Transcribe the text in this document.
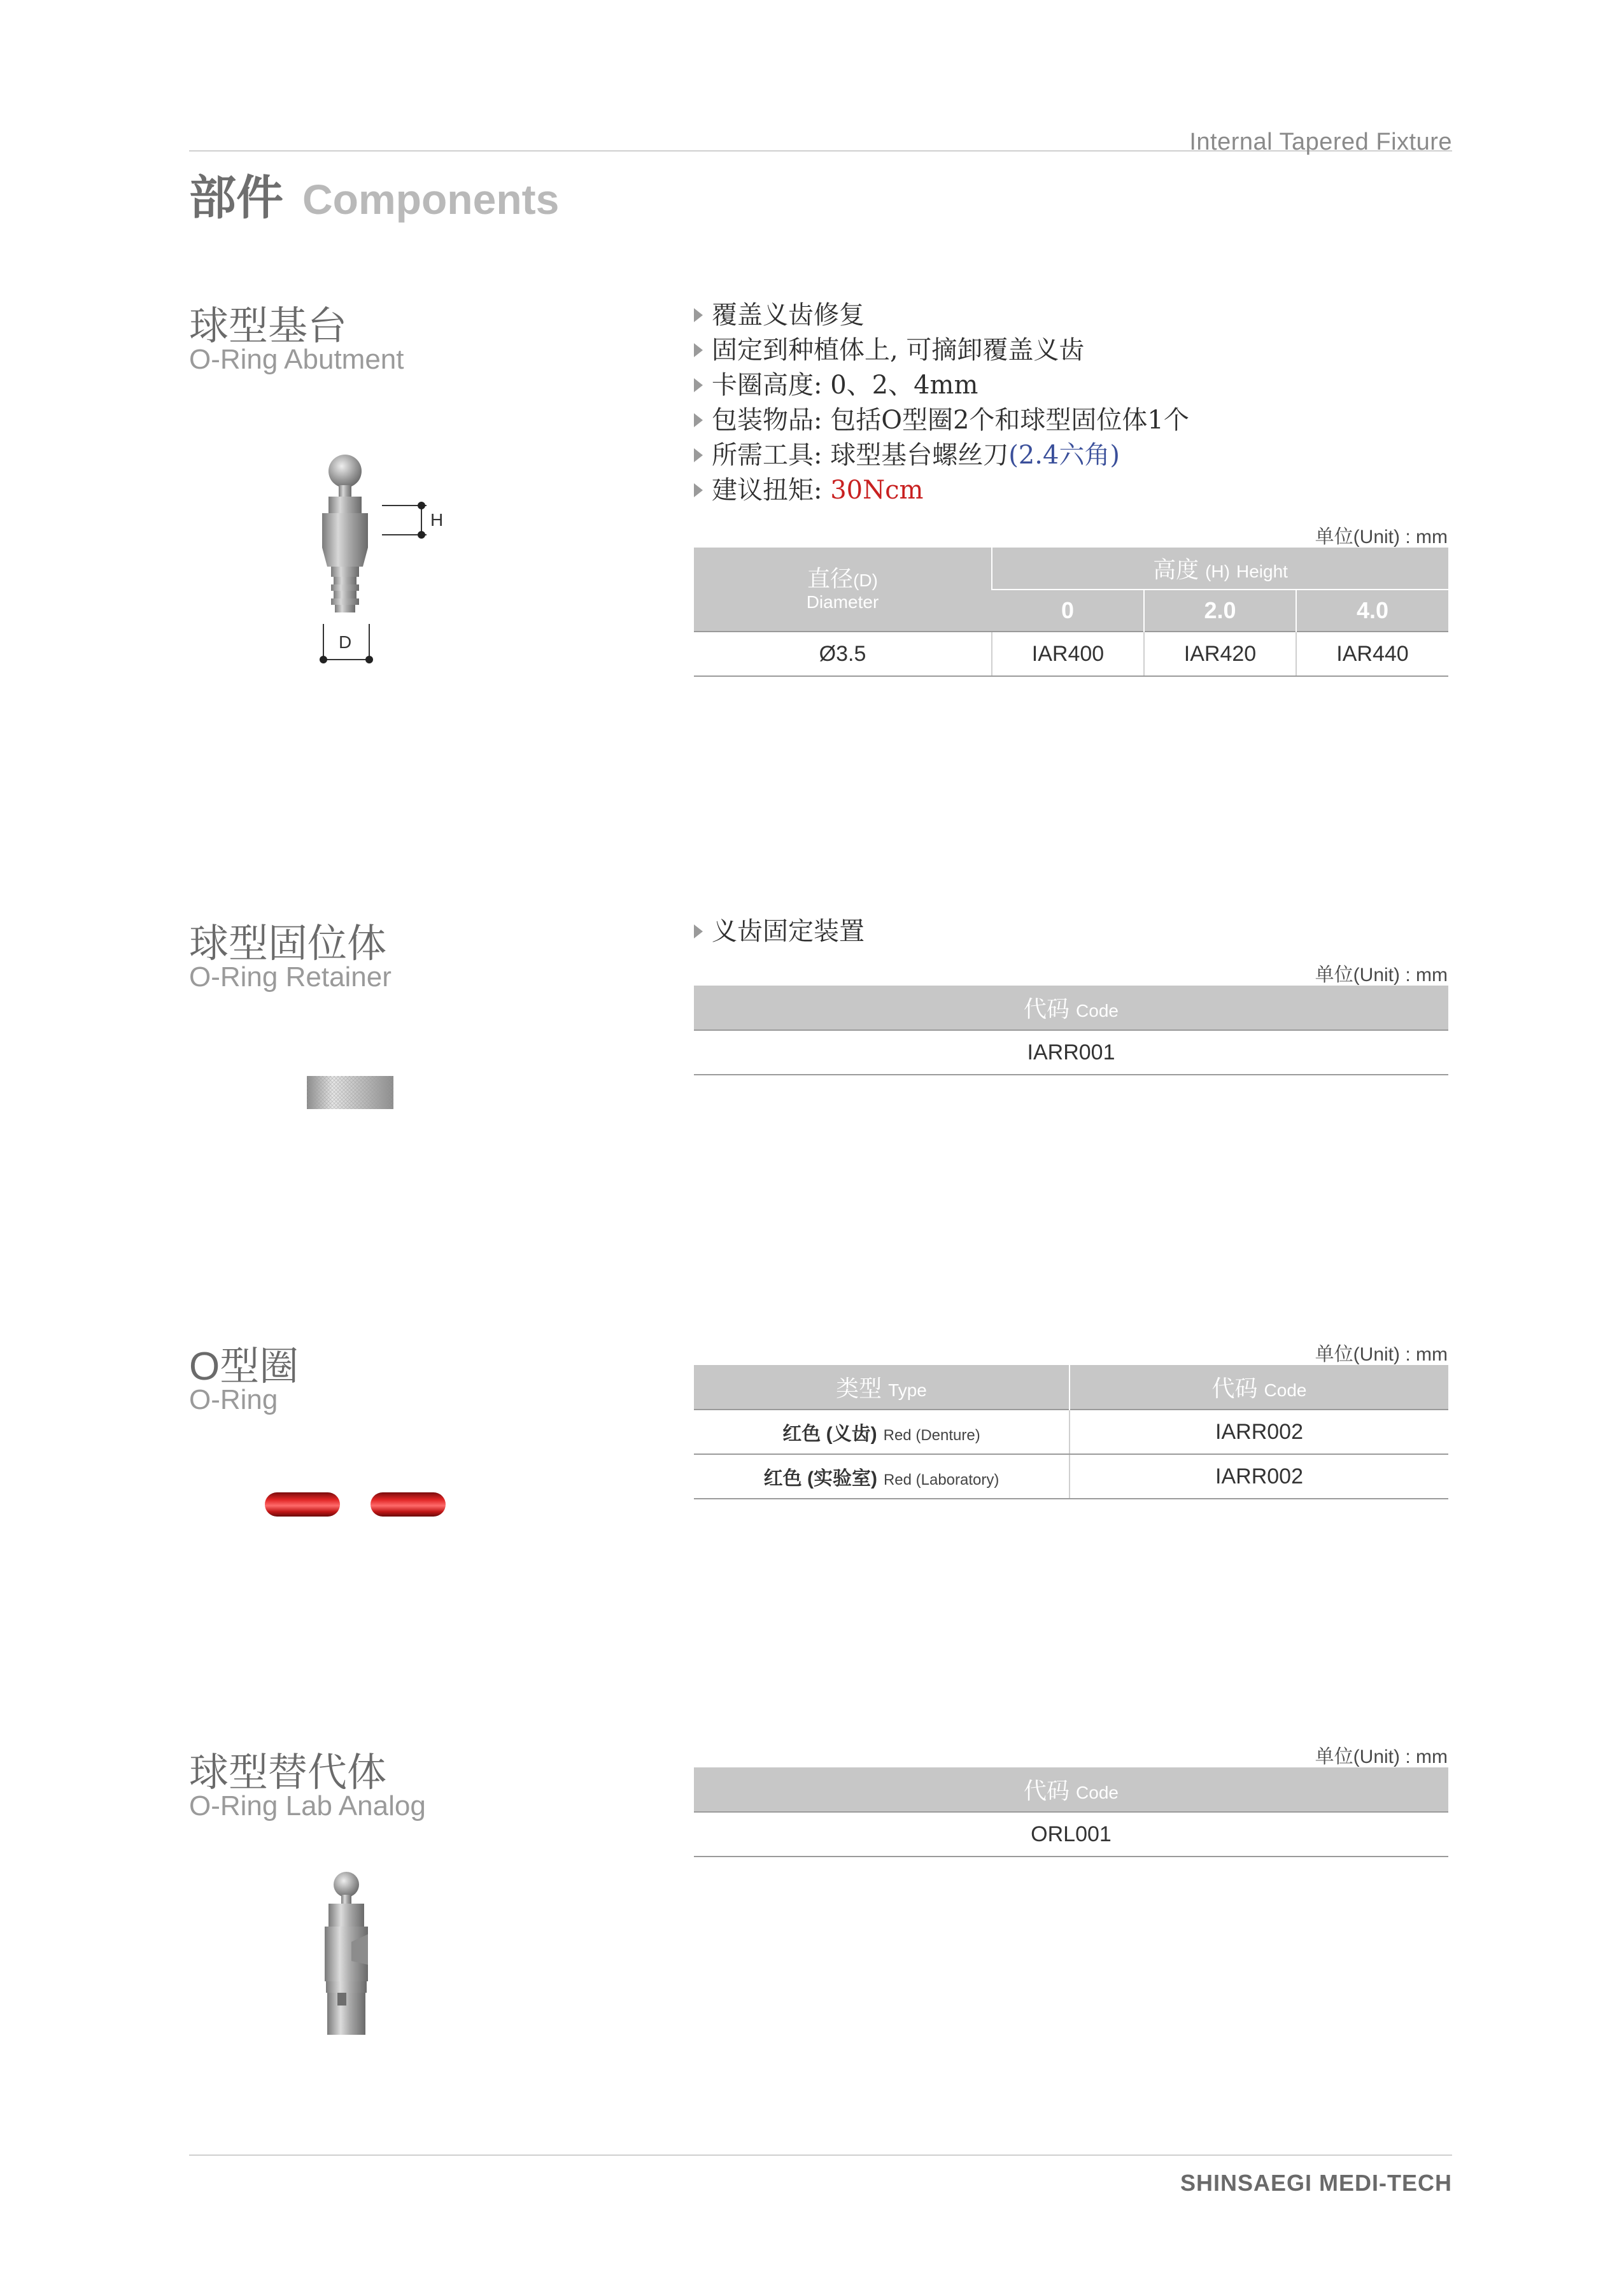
Internal Tapered Fixture
部件 Components
球型基台
O-Ring Abutment
H
D
覆盖义齿修复
固定到种植体上, 可摘卸覆盖义齿
卡圈高度: 0、2、4mm
包装物品: 包括O型圈2个和球型固位体1个
所需工具: 球型基台螺丝刀(2.4六角)
建议扭矩: 30Ncm
单位(Unit) : mm
直径(D)
Diameter	高度 (H) Height		
	0	2.0	4.0
Ø3.5	IAR400	IAR420	IAR440
球型固位体
O-Ring Retainer
义齿固定装置
单位(Unit) : mm
代码 Code
IARR001
O型圈
O-Ring
单位(Unit) : mm
类型 Type	代码 Code
红色 (义齿) Red (Denture)	IARR002
红色 (实验室) Red (Laboratory)	IARR002
球型替代体
O-Ring Lab Analog
单位(Unit) : mm
代码 Code
ORL001
SHINSAEGI MEDI-TECH
